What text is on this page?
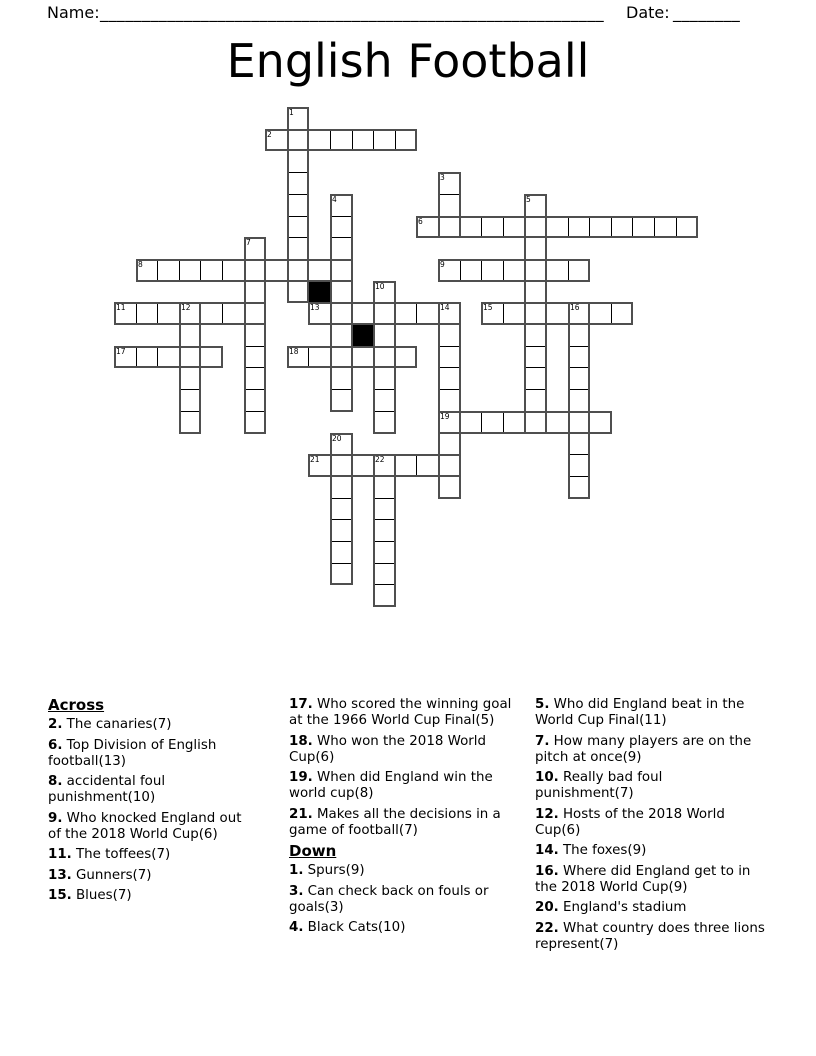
Name: ____________________________________________________________ Date: ________
English Football
2
6
8	9
11	13	15
17	18
19
21
1
3
4	5
7
10
12	14	16
20
22
Across
2. The canaries(7)
6. Top Division of English football(13)
8. accidental foul punishment(10)
9. Who knocked England out of the 2018 World Cup(6)
11. The toffees(7)
13. Gunners(7)
15. Blues(7)
17. Who scored the winning goal at the 1966 World Cup Final(5)
18. Who won the 2018 World Cup(6)
19. When did England win the world cup(8)
21. Makes all the decisions in a game of football(7)
Down
1. Spurs(9)
3. Can check back on fouls or goals(3)
4. Black Cats(10)
5. Who did England beat in the World Cup Final(11)
7. How many players are on the pitch at once(9)
10. Really bad foul punishment(7)
12. Hosts of the 2018 World Cup(6)
14. The foxes(9)
16. Where did England get to in the 2018 World Cup(9)
20. England's stadium
22. What country does three lions represent(7)
